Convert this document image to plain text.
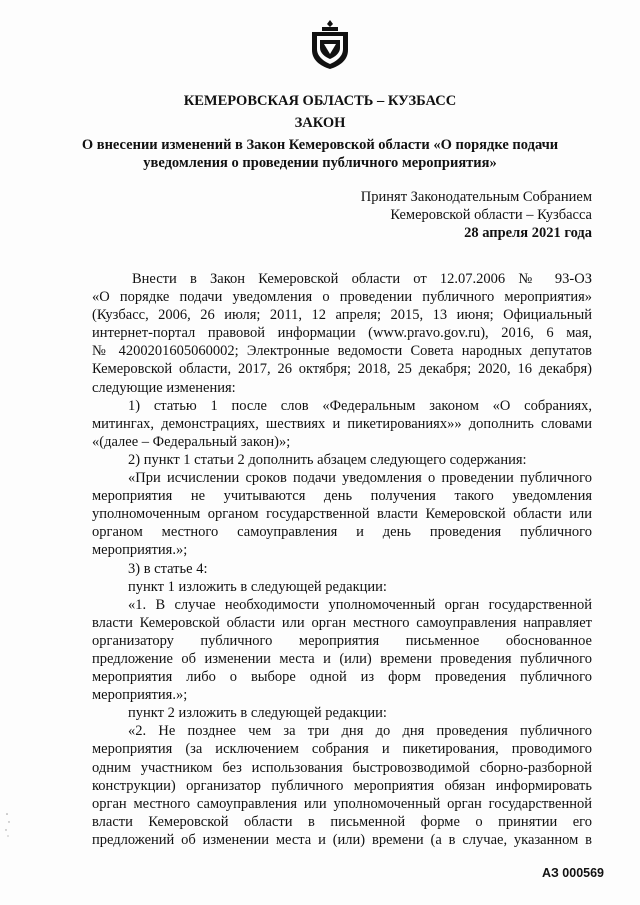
КЕМЕРОВСКАЯ ОБЛАСТЬ – КУЗБАСС
ЗАКОН
О внесении изменений в Закон Кемеровской области «О порядке подачи
уведомления о проведении публичного мероприятия»
Принят Законодательным Собранием
Кемеровской области – Кузбасса
28 апреля 2021 года
Внести в Закон Кемеровской области от 12.07.2006 № 93-ОЗ
«О порядке подачи уведомления о проведении публичного мероприятия»
(Кузбасс, 2006, 26 июля; 2011, 12 апреля; 2015, 13 июня; Официальный
интернет-портал правовой информации (www.pravo.gov.ru), 2016, 6 мая,
№ 4200201605060002; Электронные ведомости Совета народных депутатов
Кемеровской области, 2017, 26 октября; 2018, 25 декабря; 2020, 16 декабря)
следующие изменения:
1) статью 1 после слов «Федеральным законом «О собраниях,
митингах, демонстрациях, шествиях и пикетированиях»» дополнить словами
«(далее – Федеральный закон)»;
2) пункт 1 статьи 2 дополнить абзацем следующего содержания:
«При исчислении сроков подачи уведомления о проведении публичного
мероприятия не учитываются день получения такого уведомления
уполномоченным органом государственной власти Кемеровской области или
органом местного самоуправления и день проведения публичного
мероприятия.»;
3) в статье 4:
пункт 1 изложить в следующей редакции:
«1. В случае необходимости уполномоченный орган государственной
власти Кемеровской области или орган местного самоуправления направляет
организатору публичного мероприятия письменное обоснованное
предложение об изменении места и (или) времени проведения публичного
мероприятия либо о выборе одной из форм проведения публичного
мероприятия.»;
пункт 2 изложить в следующей редакции:
«2. Не позднее чем за три дня до дня проведения публичного
мероприятия (за исключением собрания и пикетирования, проводимого
одним участником без использования быстровозводимой сборно-разборной
конструкции) организатор публичного мероприятия обязан информировать
орган местного самоуправления или уполномоченный орган государственной
власти Кемеровской области в письменной форме о принятии его
предложений об изменении места и (или) времени (а в случае, указанном в
АЗ 000569
